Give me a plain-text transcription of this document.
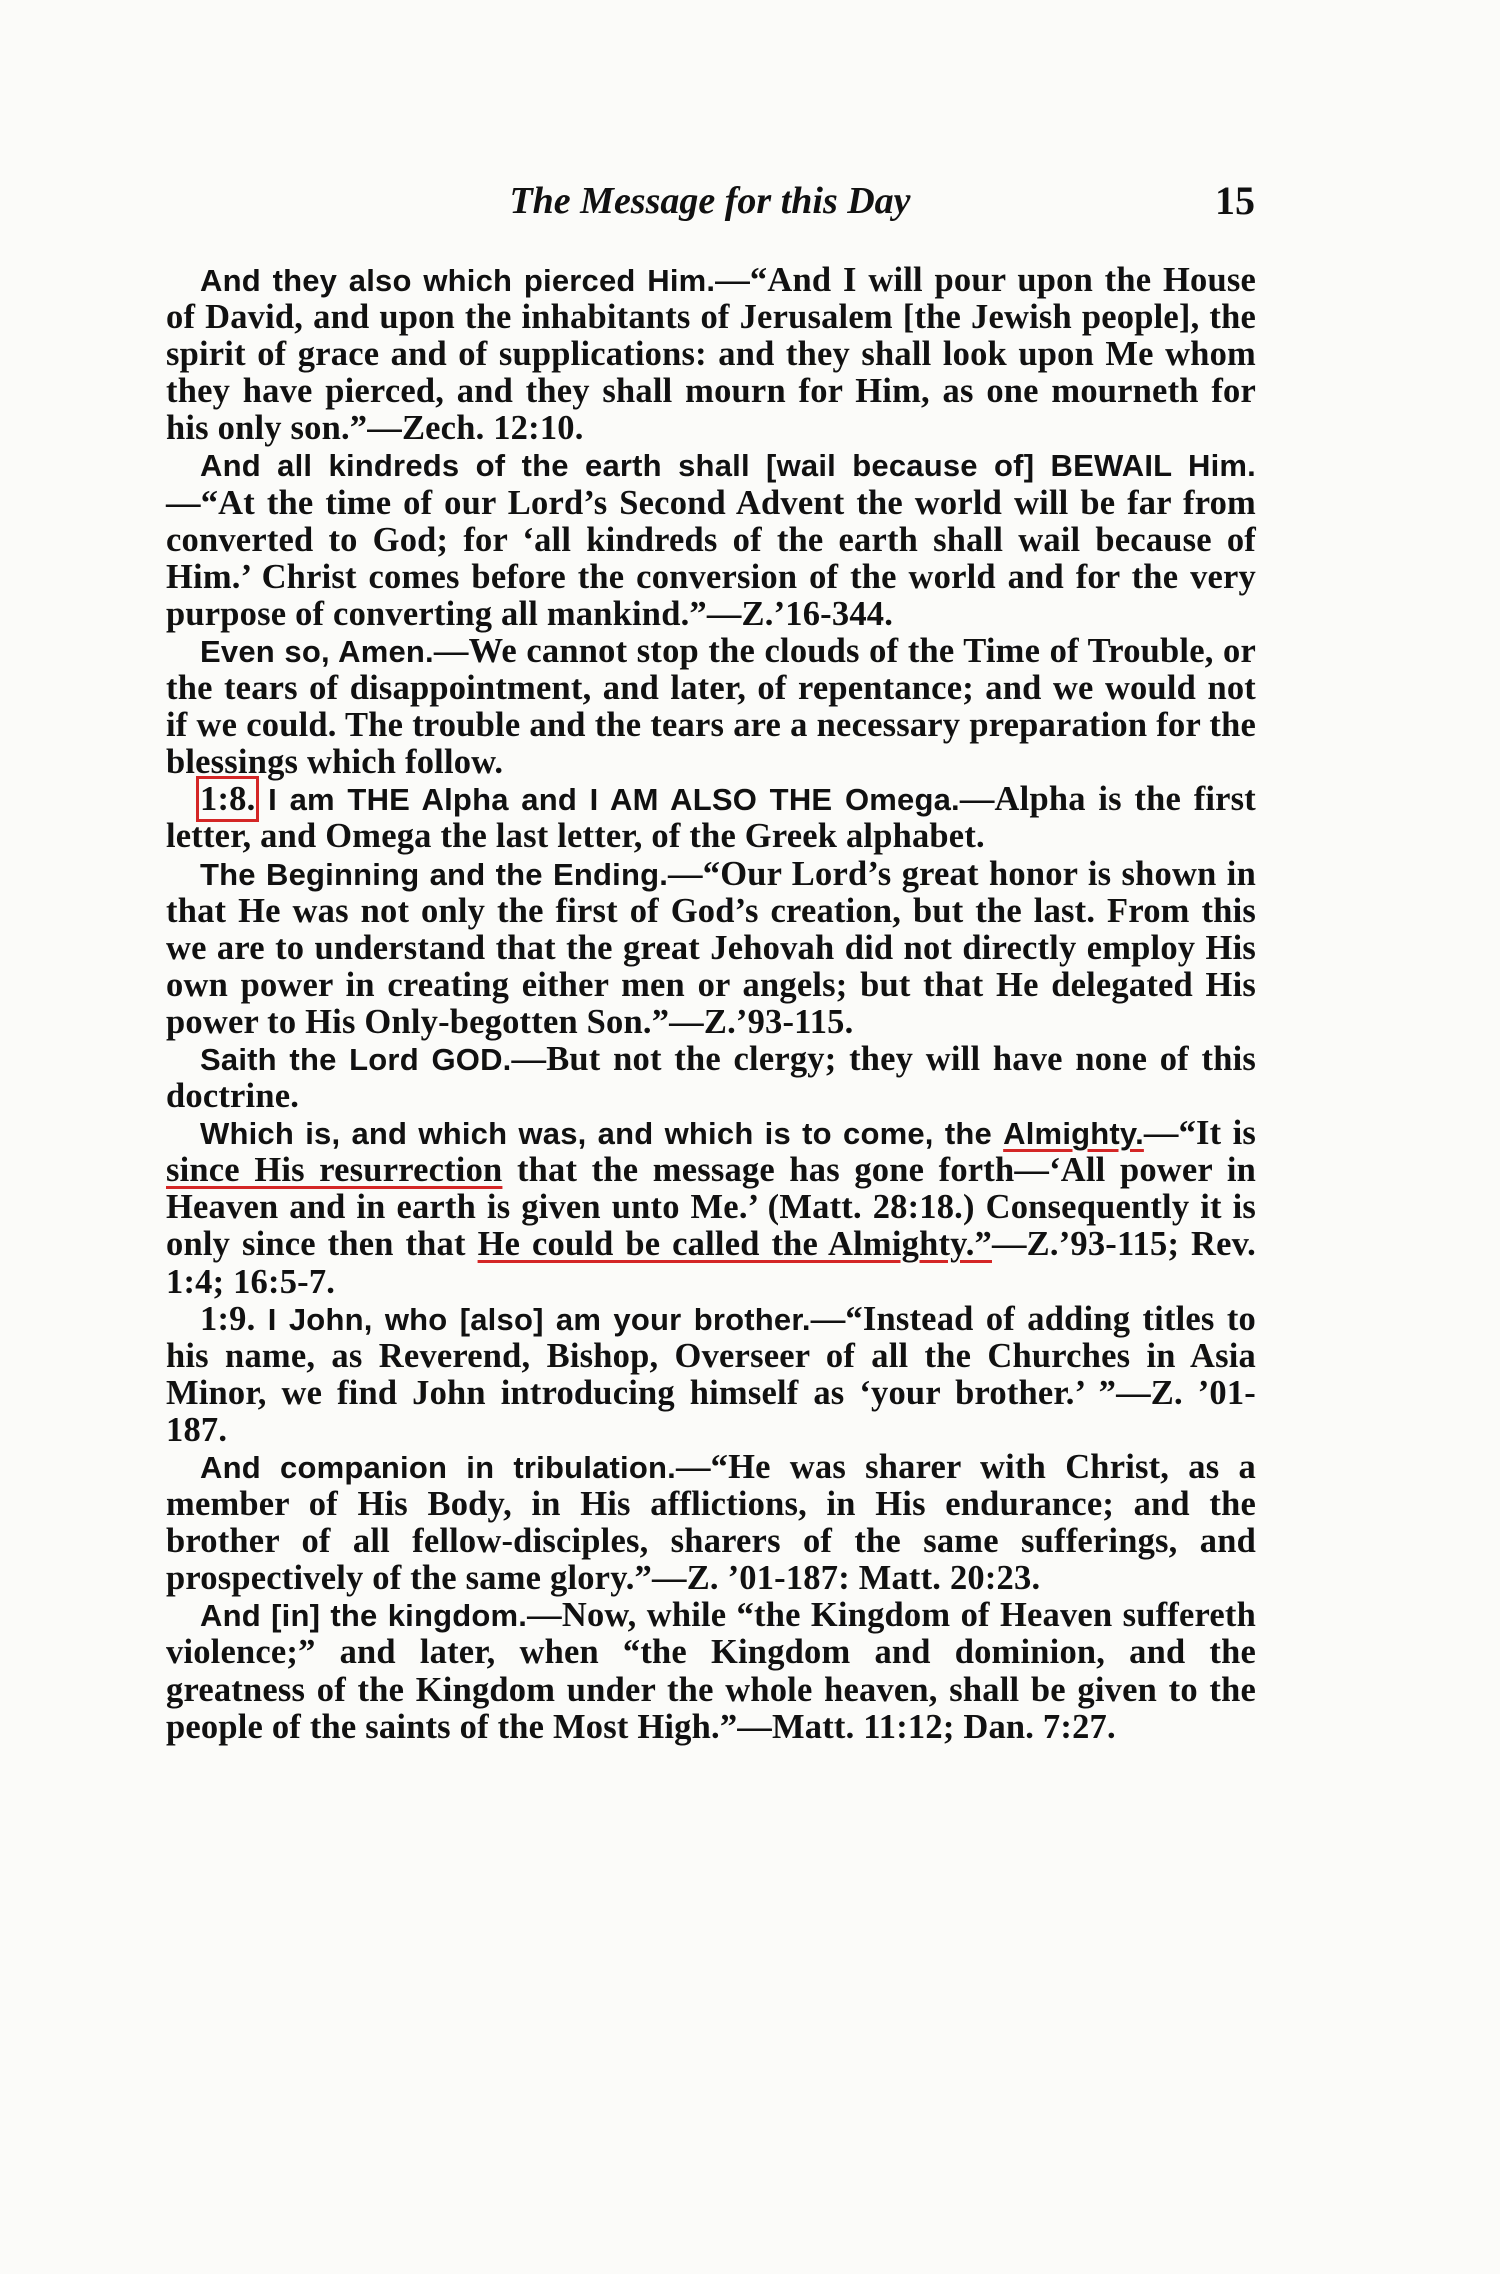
The Message for this Day	15

And they also which pierced Him.—“And I will pour upon the House of David, and upon the inhabitants of Jerusalem [the Jewish people], the spirit of grace and of supplications: and they shall look upon Me whom they have pierced, and they shall mourn for Him, as one mourneth for his only son.”—Zech. 12:10.

And all kindreds of the earth shall [wail because of] BEWAIL Him.—“At the time of our Lord’s Second Advent the world will be far from converted to God; for ‘all kindreds of the earth shall wail because of Him.’ Christ comes before the conversion of the world and for the very purpose of converting all mankind.”—Z.’16-344.

Even so, Amen.—We cannot stop the clouds of the Time of Trouble, or the tears of disappointment, and later, of repentance; and we would not if we could. The trouble and the tears are a necessary preparation for the blessings which follow.

1:8. I am THE Alpha and I AM ALSO THE Omega.—Alpha is the first letter, and Omega the last letter, of the Greek alphabet.

The Beginning and the Ending.—“Our Lord’s great honor is shown in that He was not only the first of God’s creation, but the last. From this we are to understand that the great Jehovah did not directly employ His own power in creating either men or angels; but that He delegated His power to His Only-begotten Son.”—Z.’93-115.

Saith the Lord GOD.—But not the clergy; they will have none of this doctrine.

Which is, and which was, and which is to come, the Almighty.—“It is since His resurrection that the message has gone forth—‘All power in Heaven and in earth is given unto Me.’ (Matt. 28:18.) Consequently it is only since then that He could be called the Almighty.”—Z.’93-115; Rev. 1:4; 16:5-7.

1:9. I John, who [also] am your brother.—“Instead of adding titles to his name, as Reverend, Bishop, Overseer of all the Churches in Asia Minor, we find John introducing himself as ‘your brother.’ ”—Z. ’01-187.

And companion in tribulation.—“He was sharer with Christ, as a member of His Body, in His afflictions, in His endurance; and the brother of all fellow-disciples, sharers of the same sufferings, and prospectively of the same glory.”—Z. ’01-187: Matt. 20:23.

And [in] the kingdom.—Now, while “the Kingdom of Heaven suffereth violence;” and later, when “the Kingdom and dominion, and the greatness of the Kingdom under the whole heaven, shall be given to the people of the saints of the Most High.”—Matt. 11:12; Dan. 7:27.
